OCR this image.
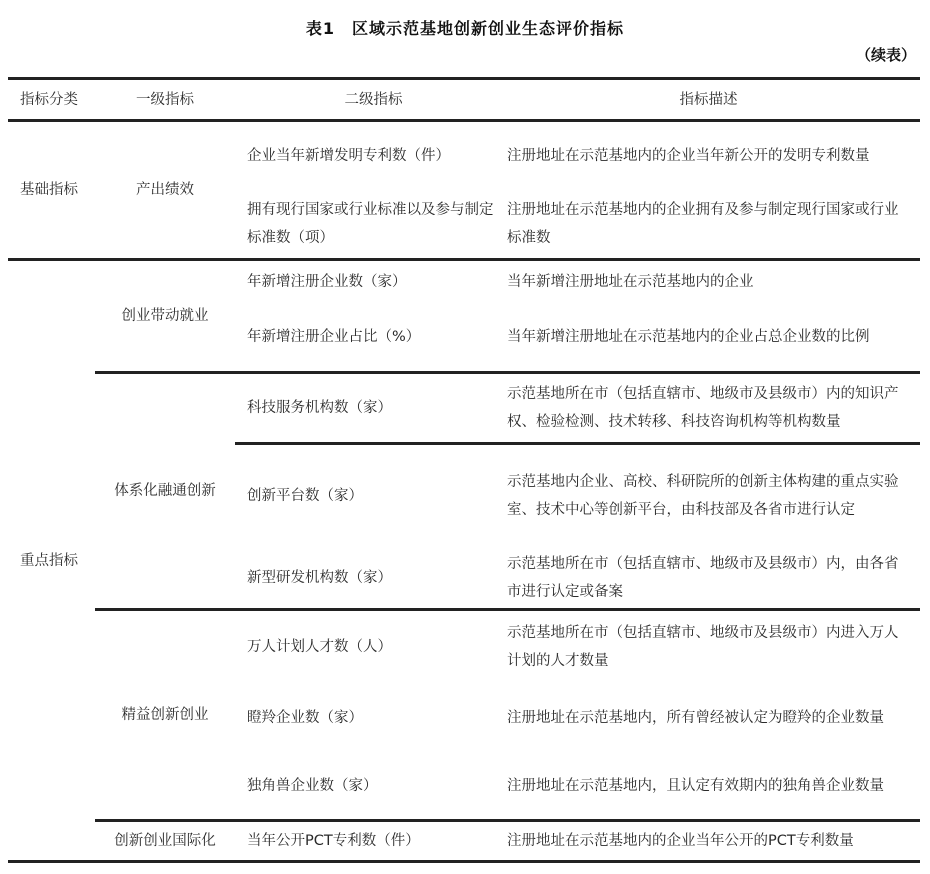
表1　区域示范基地创新创业生态评价指标
（续表）
指标分类	一级指标	二级指标	指标描述
基础指标	产出绩效	企业当年新增发明专利数（件）	注册地址在示范基地内的企业当年新公开的发明专利数量
		拥有现行国家或行业标准以及参与制定标准数（项）	注册地址在示范基地内的企业拥有及参与制定现行国家或行业标准数
重点指标	创业带动就业	年新增注册企业数（家）	当年新增注册地址在示范基地内的企业
		年新增注册企业占比（%）	当年新增注册地址在示范基地内的企业占总企业数的比例
	体系化融通创新	科技服务机构数（家）	示范基地所在市（包括直辖市、地级市及县级市）内的知识产权、检验检测、技术转移、科技咨询机构等机构数量
		创新平台数（家）	示范基地内企业、高校、科研院所的创新主体构建的重点实验室、技术中心等创新平台，由科技部及各省市进行认定
		新型研发机构数（家）	示范基地所在市（包括直辖市、地级市及县级市）内，由各省市进行认定或备案
	精益创新创业	万人计划人才数（人）	示范基地所在市（包括直辖市、地级市及县级市）内进入万人计划的人才数量
		瞪羚企业数（家）	注册地址在示范基地内，所有曾经被认定为瞪羚的企业数量
		独角兽企业数（家）	注册地址在示范基地内，且认定有效期内的独角兽企业数量
	创新创业国际化	当年公开PCT专利数（件）	注册地址在示范基地内的企业当年公开的PCT专利数量
